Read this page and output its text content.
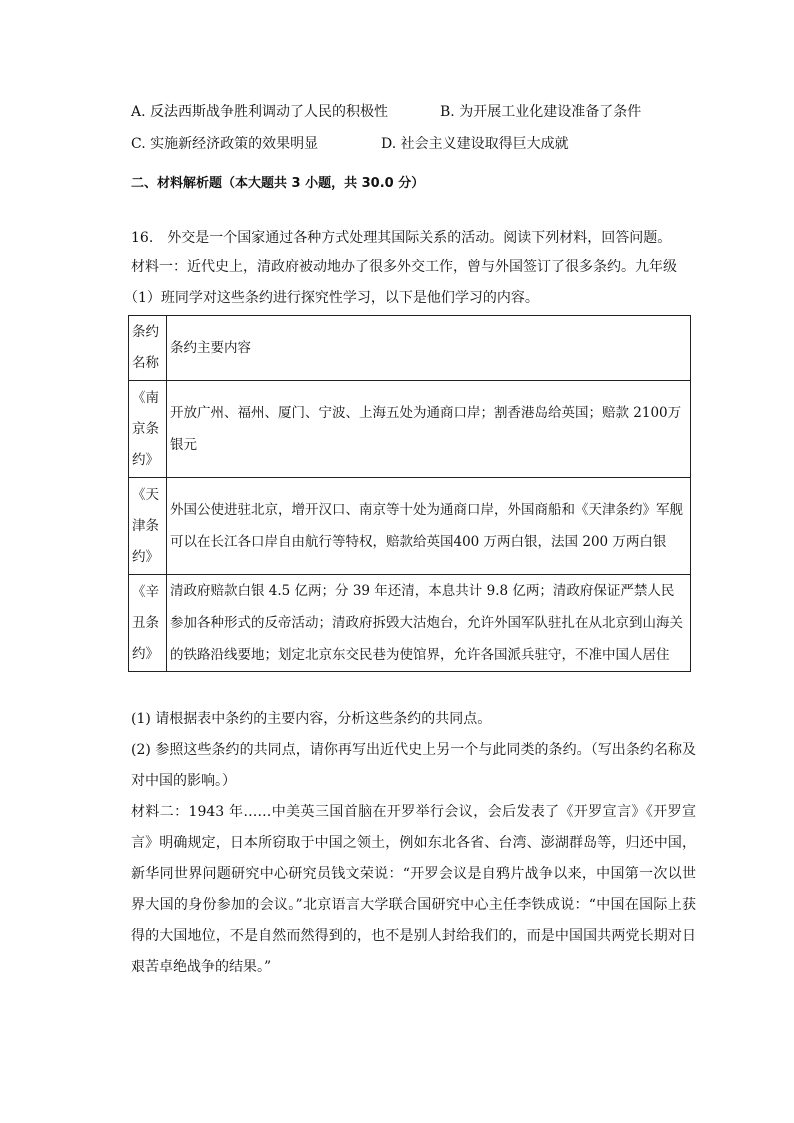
A. 反法西斯战争胜利调动了人民的积极性	B. 为开展工业化建设准备了条件
C. 实施新经济政策的效果明显	D. 社会主义建设取得巨大成就
二、材料解析题（本大题共 3 小题，共 30.0 分）
16.　外交是一个国家通过各种方式处理其国际关系的活动。阅读下列材料，回答问题。
材料一：近代史上，清政府被动地办了很多外交工作，曾与外国签订了很多条约。九年级
（1）班同学对这些条约进行探究性学习，以下是他们学习的内容。
条约名称	条约主要内容
《南京条约》	开放广州、福州、厦门、宁波、上海五处为通商口岸；割香港岛给英国；赔款 2100万银元
《天津条约》	外国公使进驻北京，增开汉口、南京等十处为通商口岸，外国商船和《天津条约》军舰可以在长江各口岸自由航行等特权，赔款给英国400 万两白银，法国 200 万两白银
《辛丑条约》	清政府赔款白银 4.5 亿两；分 39 年还清，本息共计 9.8 亿两；清政府保证严禁人民参加各种形式的反帝活动；清政府拆毁大沽炮台，允许外国军队驻扎在从北京到山海关的铁路沿线要地；划定北京东交民巷为使馆界，允许各国派兵驻守，不准中国人居住
(1) 请根据表中条约的主要内容，分析这些条约的共同点。
(2) 参照这些条约的共同点，请你再写出近代史上另一个与此同类的条约。（写出条约名称及对中国的影响。）
材料二：1943 年……中美英三国首脑在开罗举行会议，会后发表了《开罗宣言》《开罗宣言》明确规定，日本所窃取于中国之领土，例如东北各省、台湾、澎湖群岛等，归还中国，新华同世界问题研究中心研究员钱文荣说：“开罗会议是自鸦片战争以来，中国第一次以世界大国的身份参加的会议。”北京语言大学联合国研究中心主任李铁成说：“中国在国际上获得的大国地位，不是自然而然得到的，也不是别人封给我们的，而是中国国共两党长期对日艰苦卓绝战争的结果。”
